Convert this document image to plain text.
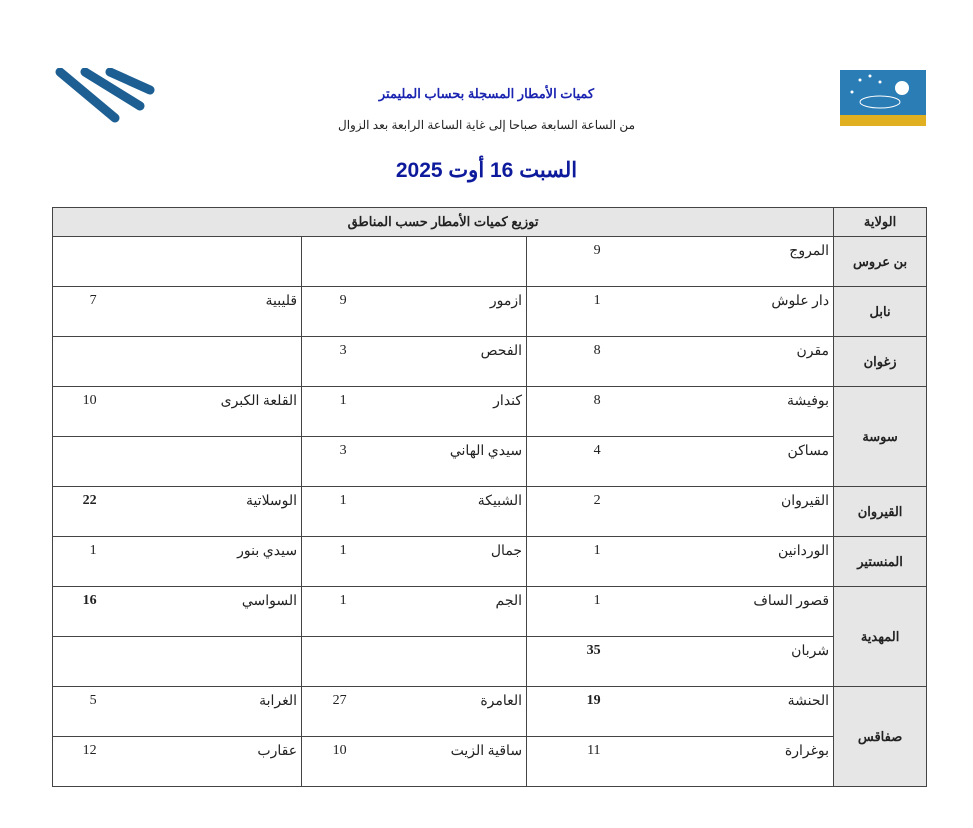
كميات الأمطار المسجلة بحساب المليمتر
من الساعة السابعة صباحا إلى غاية الساعة الرابعة بعد الزوال
السبت 16 أوت 2025
الولاية	توزيع كميات الأمطار حسب المناطق					
بن عروس	المروج	9				
نابل	دار علوش	1	ازمور	9	قليبية	7
زغوان	مقرن	8	الفحص	3		
سوسة	بوفيشة	8	كندار	1	القلعة الكبرى	10
	مساكن	4	سيدي الهاني	3		
القيروان	القيروان	2	الشبيكة	1	الوسلاتية	22
المنستير	الوردانين	1	جمال	1	سيدي بنور	1
المهدية	قصور الساف	1	الجم	1	السواسي	16
	شربان	35				
صفاقس	الحنشة	19	العامرة	27	الغرابة	5
	بوغرارة	11	ساقية الزيت	10	عقارب	12
